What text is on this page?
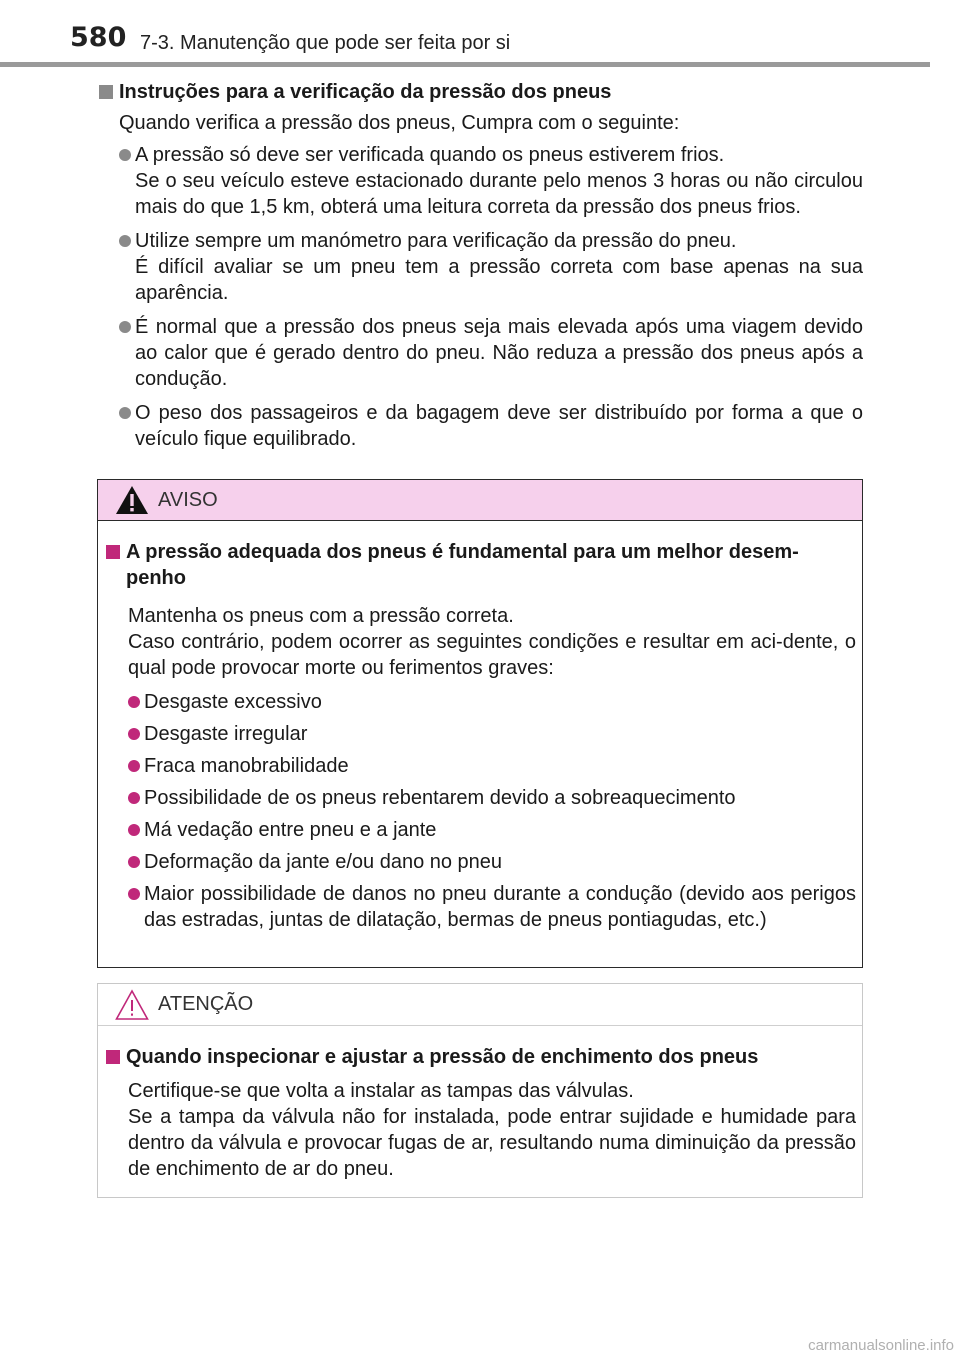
580 7-3. Manutenção que pode ser feita por si
Instruções para a verificação da pressão dos pneus
Quando verifica a pressão dos pneus, Cumpra com o seguinte:
A pressão só deve ser verificada quando os pneus estiverem frios.
Se o seu veículo esteve estacionado durante pelo menos 3 horas ou não circulou mais do que 1,5 km, obterá uma leitura correta da pressão dos pneus frios.
Utilize sempre um manómetro para verificação da pressão do pneu.
É difícil avaliar se um pneu tem a pressão correta com base apenas na sua aparência.
É normal que a pressão dos pneus seja mais elevada após uma viagem devido ao calor que é gerado dentro do pneu. Não reduza a pressão dos pneus após a condução.
O peso dos passageiros e da bagagem deve ser distribuído por forma a que o veículo fique equilibrado.
AVISO
A pressão adequada dos pneus é fundamental para um melhor desem-penho
Mantenha os pneus com a pressão correta.
Caso contrário, podem ocorrer as seguintes condições e resultar em aci-dente, o qual pode provocar morte ou ferimentos graves:
Desgaste excessivo
Desgaste irregular
Fraca manobrabilidade
Possibilidade de os pneus rebentarem devido a sobreaquecimento
Má vedação entre pneu e a jante
Deformação da jante e/ou dano no pneu
Maior possibilidade de danos no pneu durante a condução (devido aos perigos das estradas, juntas de dilatação, bermas de pneus pontiagudas, etc.)
ATENÇÃO
Quando inspecionar e ajustar a pressão de enchimento dos pneus
Certifique-se que volta a instalar as tampas das válvulas.
Se a tampa da válvula não for instalada, pode entrar sujidade e humidade para dentro da válvula e provocar fugas de ar, resultando numa diminuição da pressão de enchimento de ar do pneu.
carmanualsonline.info
